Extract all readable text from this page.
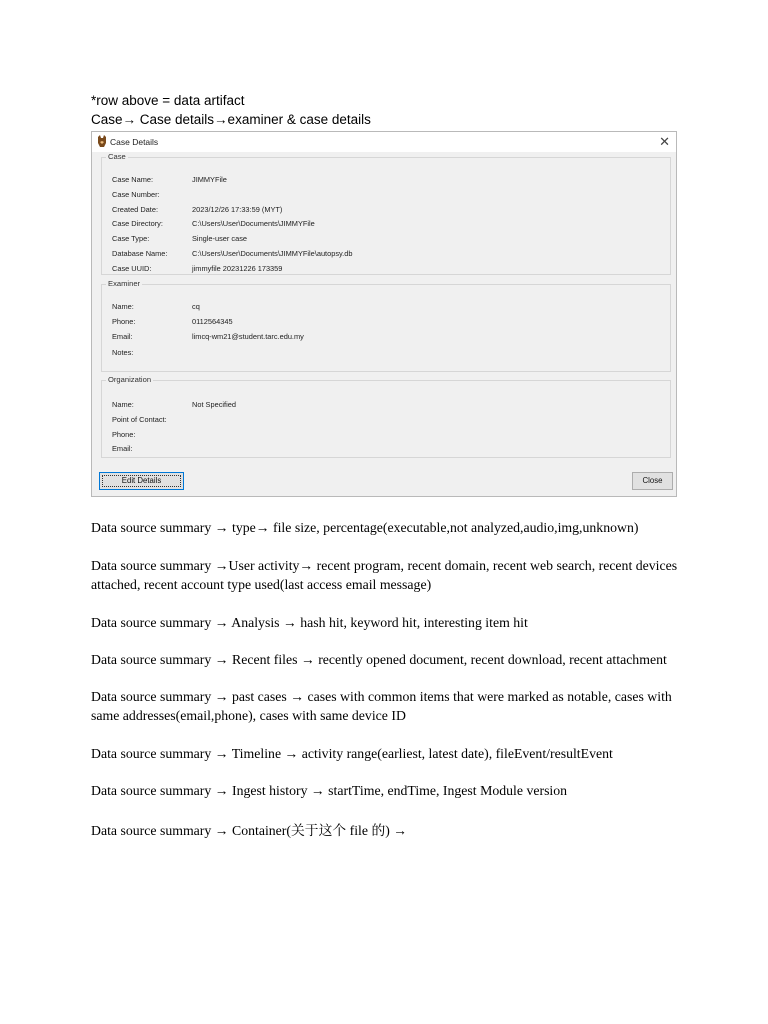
*row above = data artifact
Case→ Case details→examiner & case details
Case Details	✕
Case
Case Name:	JIMMYFile
Case Number:
Created Date:	2023/12/26 17:33:59 (MYT)
Case Directory:	C:\Users\User\Documents\JIMMYFile
Case Type:	Single-user case
Database Name:	C:\Users\User\Documents\JIMMYFile\autopsy.db
Case UUID:	jimmyfile 20231226 173359
Examiner
Name:	cq
Phone:	0112564345
Email:	limcq-wm21@student.tarc.edu.my
Notes:
Organization
Name:	Not Specified
Point of Contact:
Phone:
Email:
Edit Details	Close
Data source summary → type→ file size, percentage(executable,not analyzed,audio,img,unknown)
Data source summary →User activity→ recent program, recent domain, recent web search, recent devices attached, recent account type used(last access email message)
Data source summary → Analysis → hash hit, keyword hit, interesting item hit
Data source summary → Recent files → recently opened document, recent download, recent attachment
Data source summary → past cases → cases with common items that were marked as notable, cases with same addresses(email,phone), cases with same device ID
Data source summary → Timeline → activity range(earliest, latest date), fileEvent/resultEvent
Data source summary → Ingest history → startTime, endTime, Ingest Module version
Data source summary → Container(关于这个 file 的) →
